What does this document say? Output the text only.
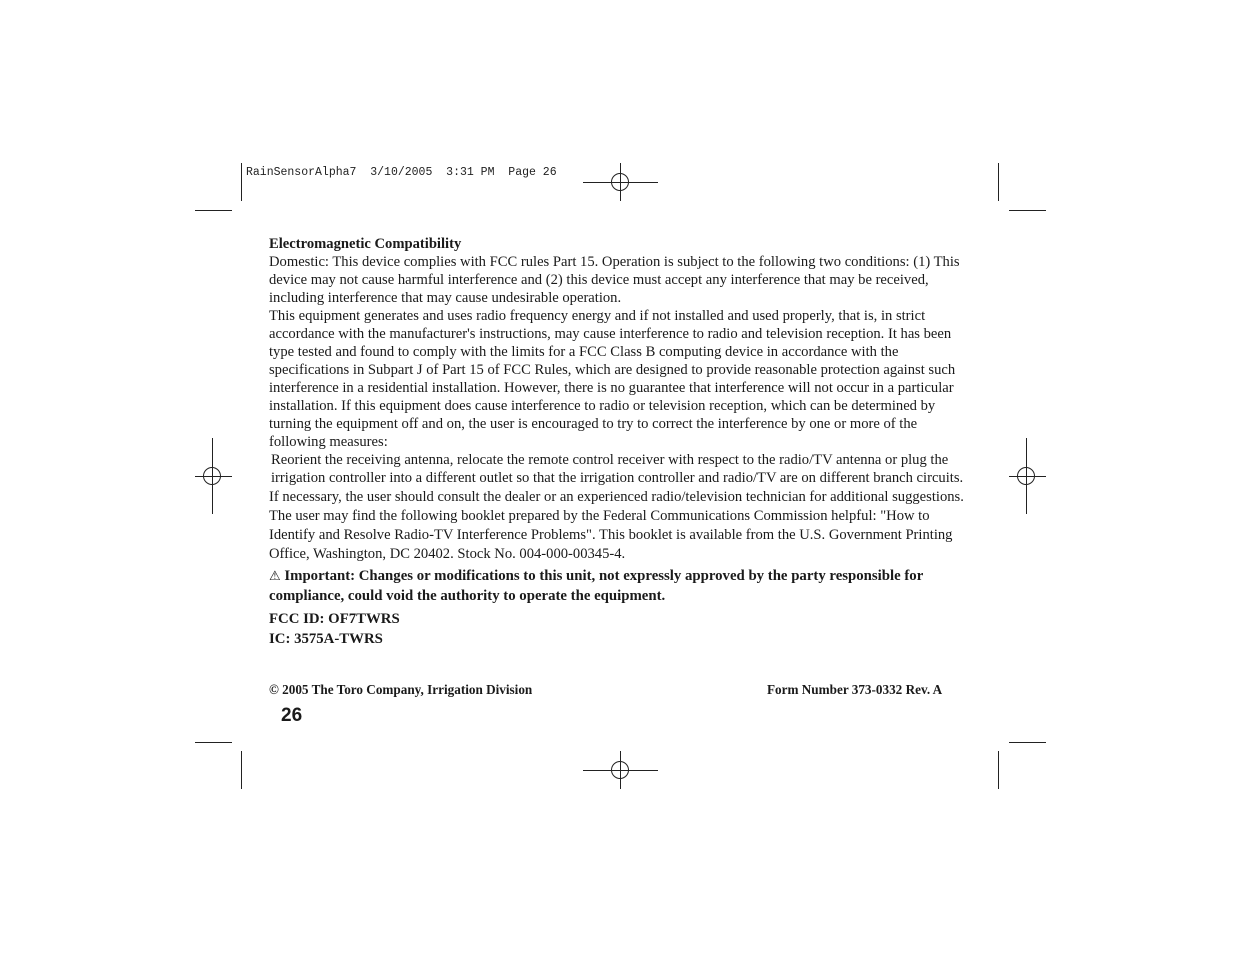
RainSensorAlpha7 3/10/2005 3:31 PM Page 26

Electromagnetic Compatibility

Domestic: This device complies with FCC rules Part 15. Operation is subject to the following two conditions: (1) This device may not cause harmful interference and (2) this device must accept any interference that may be received, including interference that may cause undesirable operation.

This equipment generates and uses radio frequency energy and if not installed and used properly, that is, in strict accordance with the manufacturer's instructions, may cause interference to radio and television reception. It has been type tested and found to comply with the limits for a FCC Class B computing device in accordance with the specifications in Subpart J of Part 15 of FCC Rules, which are designed to provide reasonable protection against such interference in a residential installation. However, there is no guarantee that interference will not occur in a particular installation. If this equipment does cause interference to radio or television reception, which can be determined by turning the equipment off and on, the user is encouraged to try to correct the interference by one or more of the following measures:

Reorient the receiving antenna, relocate the remote control receiver with respect to the radio/TV antenna or plug the irrigation controller into a different outlet so that the irrigation controller and radio/TV are on different branch circuits.

If necessary, the user should consult the dealer or an experienced radio/television technician for additional suggestions. The user may find the following booklet prepared by the Federal Communications Commission helpful: "How to Identify and Resolve Radio-TV Interference Problems". This booklet is available from the U.S. Government Printing Office, Washington, DC 20402. Stock No. 004-000-00345-4.

⚠ Important: Changes or modifications to this unit, not expressly approved by the party responsible for compliance, could void the authority to operate the equipment.

FCC ID: OF7TWRS

IC: 3575A-TWRS

© 2005 The Toro Company, Irrigation Division	Form Number 373-0332 Rev. A
26
